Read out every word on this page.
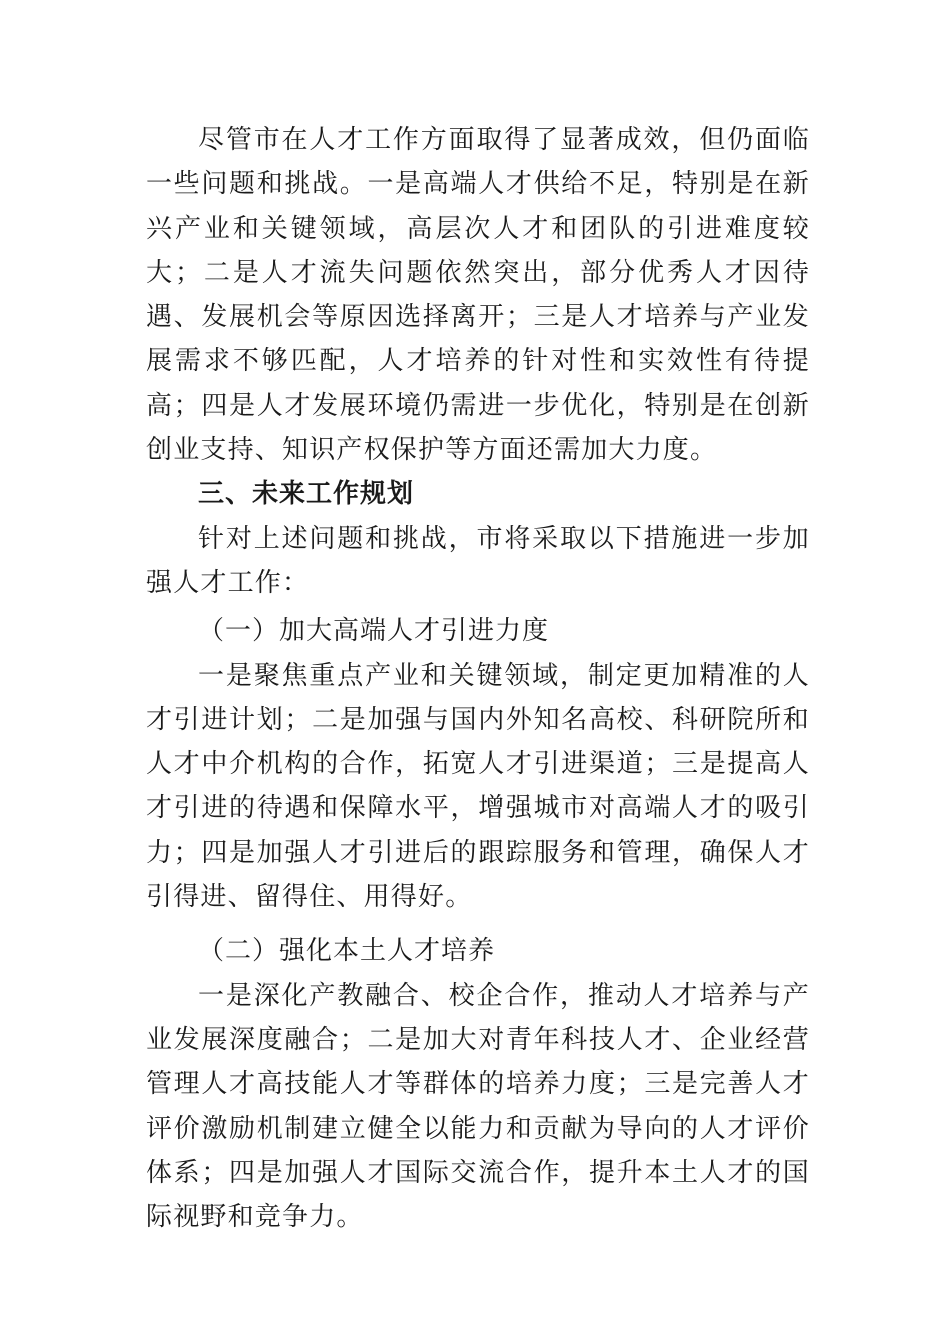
尽管市在人才工作方面取得了显著成效，但仍面临一些问题和挑战。一是高端人才供给不足，特别是在新兴产业和关键领域，高层次人才和团队的引进难度较大；二是人才流失问题依然突出，部分优秀人才因待遇、发展机会等原因选择离开；三是人才培养与产业发展需求不够匹配，人才培养的针对性和实效性有待提高；四是人才发展环境仍需进一步优化，特别是在创新创业支持、知识产权保护等方面还需加大力度。

三、未来工作规划

针对上述问题和挑战，市将采取以下措施进一步加强人才工作：

（一）加大高端人才引进力度

一是聚焦重点产业和关键领域，制定更加精准的人才引进计划；二是加强与国内外知名高校、科研院所和人才中介机构的合作，拓宽人才引进渠道；三是提高人才引进的待遇和保障水平，增强城市对高端人才的吸引力；四是加强人才引进后的跟踪服务和管理，确保人才引得进、留得住、用得好。

（二）强化本土人才培养

一是深化产教融合、校企合作，推动人才培养与产业发展深度融合；二是加大对青年科技人才、企业经营管理人才高技能人才等群体的培养力度；三是完善人才评价激励机制建立健全以能力和贡献为导向的人才评价体系；四是加强人才国际交流合作，提升本土人才的国际视野和竞争力。
